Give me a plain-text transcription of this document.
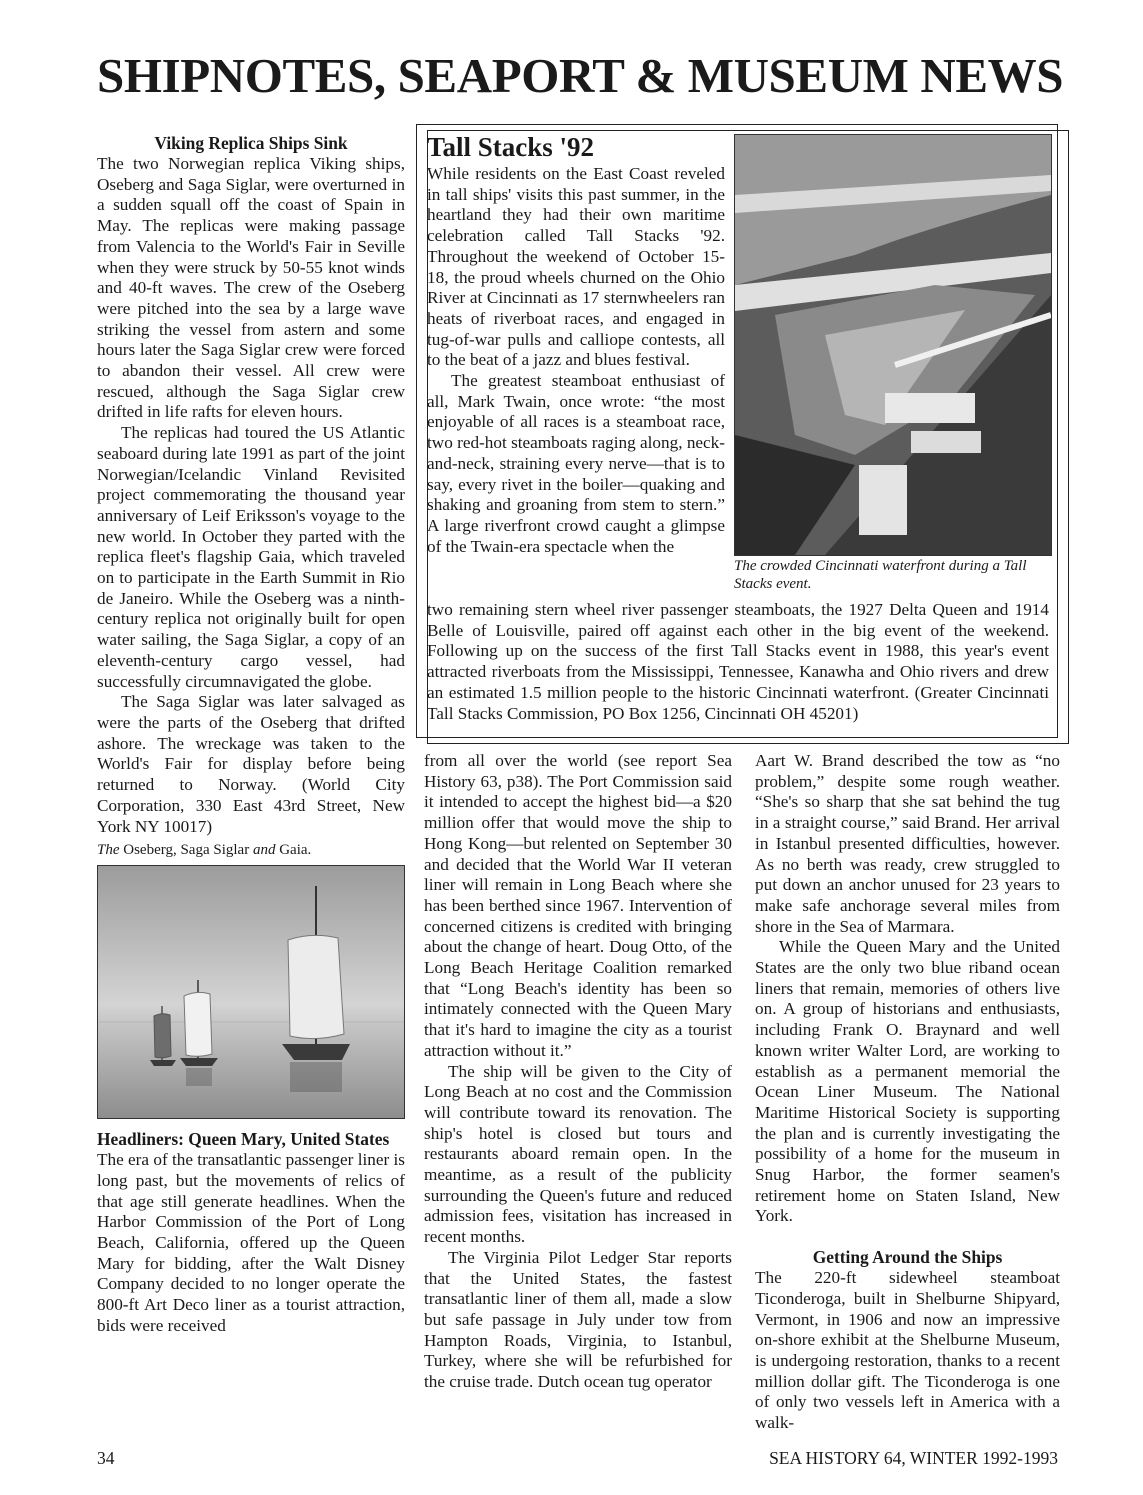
SHIPNOTES, SEAPORT & MUSEUM NEWS
Viking Replica Ships Sink

The two Norwegian replica Viking ships, Oseberg and Saga Siglar, were overturned in a sudden squall off the coast of Spain in May. The replicas were making passage from Valencia to the World's Fair in Seville when they were struck by 50-55 knot winds and 40-ft waves. The crew of the Oseberg were pitched into the sea by a large wave striking the vessel from astern and some hours later the Saga Siglar crew were forced to abandon their vessel. All crew were rescued, although the Saga Siglar crew drifted in life rafts for eleven hours.

The replicas had toured the US Atlantic seaboard during late 1991 as part of the joint Norwegian/Icelandic Vinland Revisited project commemorating the thousand year anniversary of Leif Eriksson's voyage to the new world. In October they parted with the replica fleet's flagship Gaia, which traveled on to participate in the Earth Summit in Rio de Janeiro. While the Oseberg was a ninth-century replica not originally built for open water sailing, the Saga Siglar, a copy of an eleventh-century cargo vessel, had successfully circumnavigated the globe.

The Saga Siglar was later salvaged as were the parts of the Oseberg that drifted ashore. The wreckage was taken to the World's Fair for display before being returned to Norway. (World City Corporation, 330 East 43rd Street, New York NY 10017)

The Oseberg, Saga Siglar and Gaia.
Headliners: Queen Mary, United States

The era of the transatlantic passenger liner is long past, but the movements of relics of that age still generate headlines. When the Harbor Commission of the Port of Long Beach, California, offered up the Queen Mary for bidding, after the Walt Disney Company decided to no longer operate the 800-ft Art Deco liner as a tourist attraction, bids were received

Tall Stacks '92

While residents on the East Coast reveled in tall ships' visits this past summer, in the heartland they had their own maritime celebration called Tall Stacks '92. Throughout the weekend of October 15-18, the proud wheels churned on the Ohio River at Cincinnati as 17 sternwheelers ran heats of riverboat races, and engaged in tug-of-war pulls and calliope contests, all to the beat of a jazz and blues festival.

The greatest steamboat enthusiast of all, Mark Twain, once wrote: “the most enjoyable of all races is a steamboat race, two red-hot steamboats raging along, neck-and-neck, straining every nerve—that is to say, every rivet in the boiler—quaking and shaking and groaning from stem to stern.” A large riverfront crowd caught a glimpse of the Twain-era spectacle when the

The crowded Cincinnati waterfront during a Tall Stacks event.

two remaining stern wheel river passenger steamboats, the 1927 Delta Queen and 1914 Belle of Louisville, paired off against each other in the big event of the weekend. Following up on the success of the first Tall Stacks event in 1988, this year's event attracted riverboats from the Mississippi, Tennessee, Kanawha and Ohio rivers and drew an estimated 1.5 million people to the historic Cincinnati waterfront. (Greater Cincinnati Tall Stacks Commission, PO Box 1256, Cincinnati OH 45201)

from all over the world (see report Sea History 63, p38). The Port Commission said it intended to accept the highest bid—a $20 million offer that would move the ship to Hong Kong—but relented on September 30 and decided that the World War II veteran liner will remain in Long Beach where she has been berthed since 1967. Intervention of concerned citizens is credited with bringing about the change of heart. Doug Otto, of the Long Beach Heritage Coalition remarked that “Long Beach's identity has been so intimately connected with the Queen Mary that it's hard to imagine the city as a tourist attraction without it.”

The ship will be given to the City of Long Beach at no cost and the Commission will contribute toward its renovation. The ship's hotel is closed but tours and restaurants aboard remain open. In the meantime, as a result of the publicity surrounding the Queen's future and reduced admission fees, visitation has increased in recent months.

The Virginia Pilot Ledger Star reports that the United States, the fastest transatlantic liner of them all, made a slow but safe passage in July under tow from Hampton Roads, Virginia, to Istanbul, Turkey, where she will be refurbished for the cruise trade. Dutch ocean tug operator

Aart W. Brand described the tow as “no problem,” despite some rough weather. “She's so sharp that she sat behind the tug in a straight course,” said Brand. Her arrival in Istanbul presented difficulties, however. As no berth was ready, crew struggled to put down an anchor unused for 23 years to make safe anchorage several miles from shore in the Sea of Marmara.

While the Queen Mary and the United States are the only two blue riband ocean liners that remain, memories of others live on. A group of historians and enthusiasts, including Frank O. Braynard and well known writer Walter Lord, are working to establish as a permanent memorial the Ocean Liner Museum. The National Maritime Historical Society is supporting the plan and is currently investigating the possibility of a home for the museum in Snug Harbor, the former seamen's retirement home on Staten Island, New York.

Getting Around the Ships

The 220-ft sidewheel steamboat Ticonderoga, built in Shelburne Shipyard, Vermont, in 1906 and now an impressive on-shore exhibit at the Shelburne Museum, is undergoing restoration, thanks to a recent million dollar gift. The Ticonderoga is one of only two vessels left in America with a walk-

34	SEA HISTORY 64, WINTER 1992-1993
